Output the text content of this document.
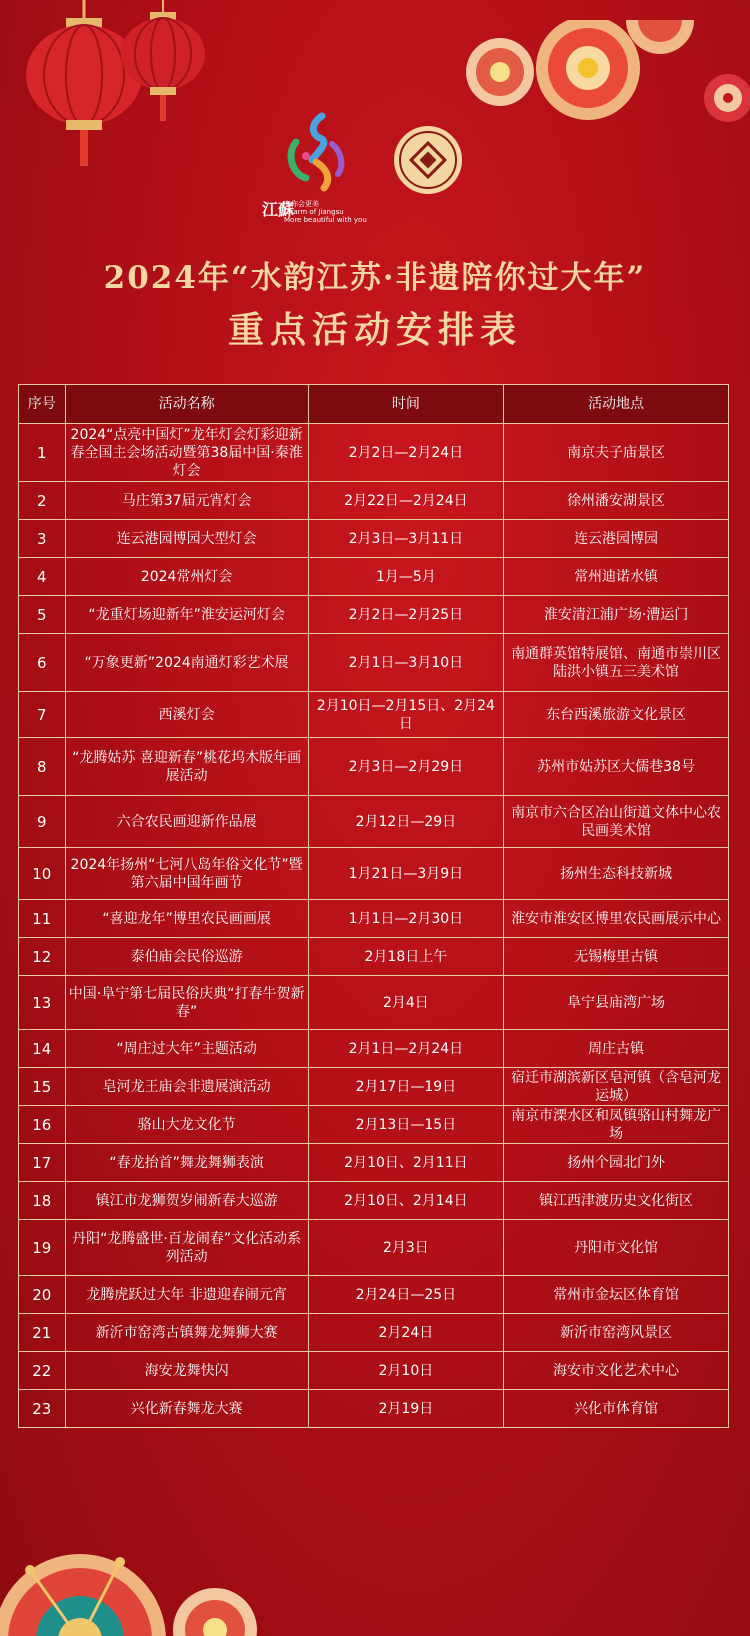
江蘇
有你会更美
Charm of Jiangsu
More beautiful with you
2024年“水韵江苏·非遗陪你过大年”
重点活动安排表
序号	活动名称	时间	活动地点
1	2024“点亮中国灯”龙年灯会灯彩迎新春全国主会场活动暨第38届中国·秦淮灯会	2月2日—2月24日	南京夫子庙景区
2	马庄第37届元宵灯会	2月22日—2月24日	徐州潘安湖景区
3	连云港园博园大型灯会	2月3日—3月11日	连云港园博园
4	2024常州灯会	1月—5月	常州迪诺水镇
5	“龙重灯场迎新年”淮安运河灯会	2月2日—2月25日	淮安清江浦广场·漕运门
6	“万象更新”2024南通灯彩艺术展	2月1日—3月10日	南通群英馆特展馆、南通市崇川区陆洪小镇五三美术馆
7	西溪灯会	2月10日—2月15日、2月24日	东台西溪旅游文化景区
8	“龙腾姑苏 喜迎新春”桃花坞木版年画展活动	2月3日—2月29日	苏州市姑苏区大儒巷38号
9	六合农民画迎新作品展	2月12日—29日	南京市六合区冶山街道文体中心农民画美术馆
10	2024年扬州“七河八岛年俗文化节”暨第六届中国年画节	1月21日—3月9日	扬州生态科技新城
11	“喜迎龙年”博里农民画画展	1月1日—2月30日	淮安市淮安区博里农民画展示中心
12	泰伯庙会民俗巡游	2月18日上午	无锡梅里古镇
13	中国·阜宁第七届民俗庆典“打春牛贺新春”	2月4日	阜宁县庙湾广场
14	“周庄过大年”主题活动	2月1日—2月24日	周庄古镇
15	皂河龙王庙会非遗展演活动	2月17日—19日	宿迁市湖滨新区皂河镇（含皂河龙运城）
16	骆山大龙文化节	2月13日—15日	南京市溧水区和凤镇骆山村舞龙广场
17	“春龙抬首”舞龙舞狮表演	2月10日、2月11日	扬州个园北门外
18	镇江市龙狮贺岁闹新春大巡游	2月10日、2月14日	镇江西津渡历史文化街区
19	丹阳“龙腾盛世·百龙闹春”文化活动系列活动	2月3日	丹阳市文化馆
20	龙腾虎跃过大年 非遗迎春闹元宵	2月24日—25日	常州市金坛区体育馆
21	新沂市窑湾古镇舞龙舞狮大赛	2月24日	新沂市窑湾风景区
22	海安龙舞快闪	2月10日	海安市文化艺术中心
23	兴化新春舞龙大赛	2月19日	兴化市体育馆
